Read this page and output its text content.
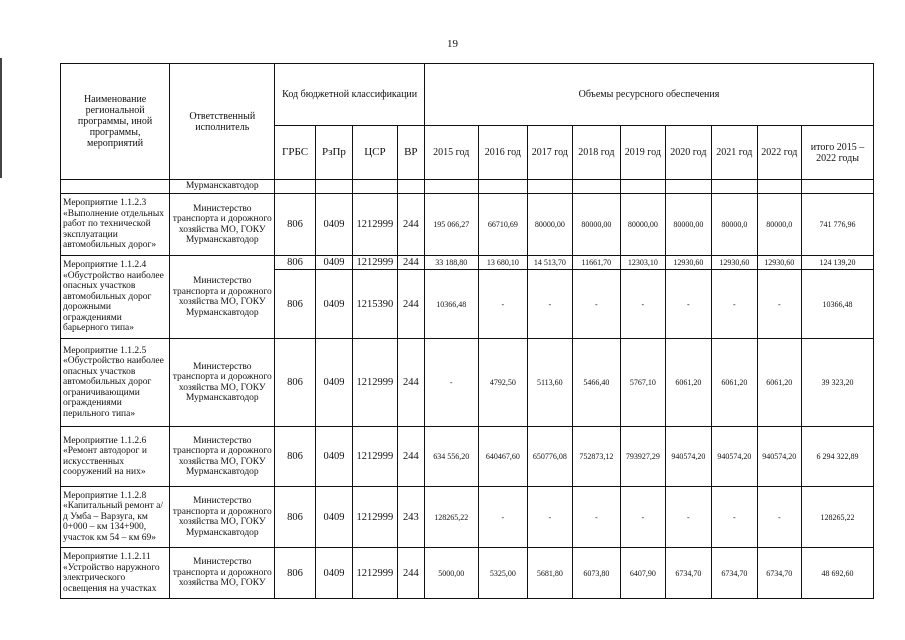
19
Наименование региональной программы, иной программы, мероприятий	Ответственный исполнитель	Код бюджетной классификации				Объемы ресурсного обеспечения								
		ГРБС	РзПр	ЦСР	ВР	2015 год	2016 год	2017 год	2018 год	2019 год	2020 год	2021 год	2022 год	итого 2015 – 2022 годы
	Мурманскавтодор													
Мероприятие 1.1.2.3 «Выполнение отдельных работ по технической эксплуатации автомобильных дорог»	Министерство транспорта и дорожного хозяйства МО, ГОКУ Мурманскавтодор	806	0409	1212999	244	195 066,27	66710,69	80000,00	80000,00	80000,00	80000,00	80000,0	80000,0	741 776,96
Мероприятие 1.1.2.4 «Обустройство наиболее опасных участков автомобильных дорог дорожными ограждениями барьерного типа»	Министерство транспорта и дорожного хозяйства МО, ГОКУ Мурманскавтодор	806	0409	1212999	244	33 188,80	13 680,10	14 513,70	11661,70	12303,10	12930,60	12930,60	12930,60	124 139,20
		806	0409	1215390	244	10366,48	-	-	-	-	-	-	-	10366,48
Мероприятие 1.1.2.5 «Обустройство наиболее опасных участков автомобильных дорог ограничивающими ограждениями перильного типа»	Министерство транспорта и дорожного хозяйства МО, ГОКУ Мурманскавтодор	806	0409	1212999	244	-	4792,50	5113,60	5466,40	5767,10	6061,20	6061,20	6061,20	39 323,20
Мероприятие 1.1.2.6 «Ремонт автодорог и искусственных сооружений на них»	Министерство транспорта и дорожного хозяйства МО, ГОКУ Мурманскавтодор	806	0409	1212999	244	634 556,20	640467,60	650776,08	752873,12	793927,29	940574,20	940574,20	940574,20	6 294 322,89
Мероприятие 1.1.2.8 «Капитальный ремонт а/д Умба – Варзуга, км 0+000 – км 134+900, участок км 54 – км 69»	Министерство транспорта и дорожного хозяйства МО, ГОКУ Мурманскавтодор	806	0409	1212999	243	128265,22	-	-	-	-	-	-	-	128265,22
Мероприятие 1.1.2.11 «Устройство наружного электрического освещения на участках	Министерство транспорта и дорожного хозяйства МО, ГОКУ	806	0409	1212999	244	5000,00	5325,00	5681,80	6073,80	6407,90	6734,70	6734,70	6734,70	48 692,60
